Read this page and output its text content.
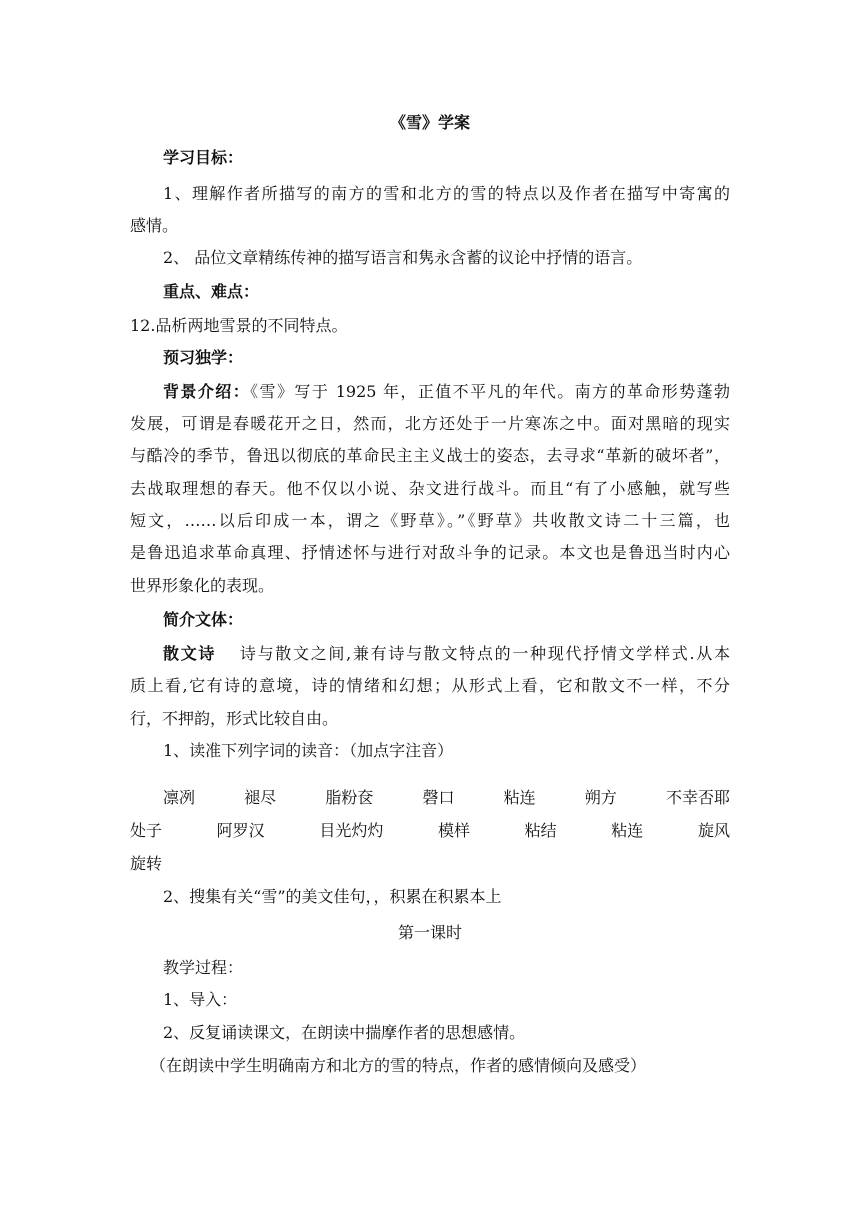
《雪》学案
学习目标：
1、理解作者所描写的南方的雪和北方的雪的特点以及作者在描写中寄寓的
感情。
2、 品位文章精练传神的描写语言和隽永含蓄的议论中抒情的语言。
重点、难点：
12.品析两地雪景的不同特点。
预习独学：
背景介绍：《雪》写于 1925 年，正值不平凡的年代。南方的革命形势蓬勃
发展，可谓是春暖花开之日，然而，北方还处于一片寒冻之中。面对黑暗的现实
与酷冷的季节，鲁迅以彻底的革命民主主义战士的姿态，去寻求“革新的破坏者”，
去战取理想的春天。他不仅以小说、杂文进行战斗。而且“有了小感触，就写些
短文，……以后印成一本，谓之《野草》。”《野草》共收散文诗二十三篇，也
是鲁迅追求革命真理、抒情述怀与进行对敌斗争的记录。本文也是鲁迅当时内心
世界形象化的表现。
简介文体：
散文诗 诗与散文之间,兼有诗与散文特点的一种现代抒情文学样式.从本
质上看,它有诗的意境，诗的情绪和幻想；从形式上看，它和散文不一样，不分
行，不押韵，形式比较自由。
1、读准下列字词的读音：（加点字注音）
凛冽	褪尽	脂粉奁	磬口	粘连	朔方	不幸否耶
处子	阿罗汉	目光灼灼	模样	粘结	粘连	旋风
旋转
2、搜集有关“雪”的美文佳句，，积累在积累本上
第一课时
教学过程：
1、导入：
2、反复诵读课文，在朗读中揣摩作者的思想感情。
（在朗读中学生明确南方和北方的雪的特点，作者的感情倾向及感受）
